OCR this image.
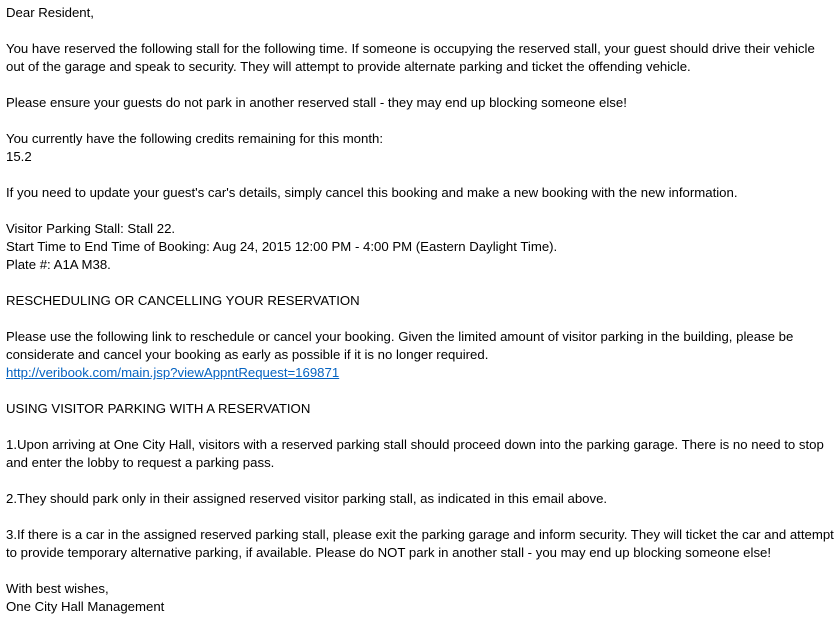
Dear Resident,

You have reserved the following stall for the following time. If someone is occupying the reserved stall, your guest should drive their vehicle out of the garage and speak to security. They will attempt to provide alternate parking and ticket the offending vehicle.

Please ensure your guests do not park in another reserved stall - they may end up blocking someone else!

You currently have the following credits remaining for this month:
15.2

If you need to update your guest's car's details, simply cancel this booking and make a new booking with the new information.

Visitor Parking Stall: Stall 22.
Start Time to End Time of Booking: Aug 24, 2015 12:00 PM - 4:00 PM (Eastern Daylight Time).
Plate #: A1A M38.

RESCHEDULING OR CANCELLING YOUR RESERVATION

Please use the following link to reschedule or cancel your booking. Given the limited amount of visitor parking in the building, please be considerate and cancel your booking as early as possible if it is no longer required.
http://veribook.com/main.jsp?viewAppntRequest=169871

USING VISITOR PARKING WITH A RESERVATION

1.Upon arriving at One City Hall, visitors with a reserved parking stall should proceed down into the parking garage. There is no need to stop and enter the lobby to request a parking pass.

2.They should park only in their assigned reserved visitor parking stall, as indicated in this email above.

3.If there is a car in the assigned reserved parking stall, please exit the parking garage and inform security. They will ticket the car and attempt to provide temporary alternative parking, if available. Please do NOT park in another stall - you may end up blocking someone else!

With best wishes,
One City Hall Management
